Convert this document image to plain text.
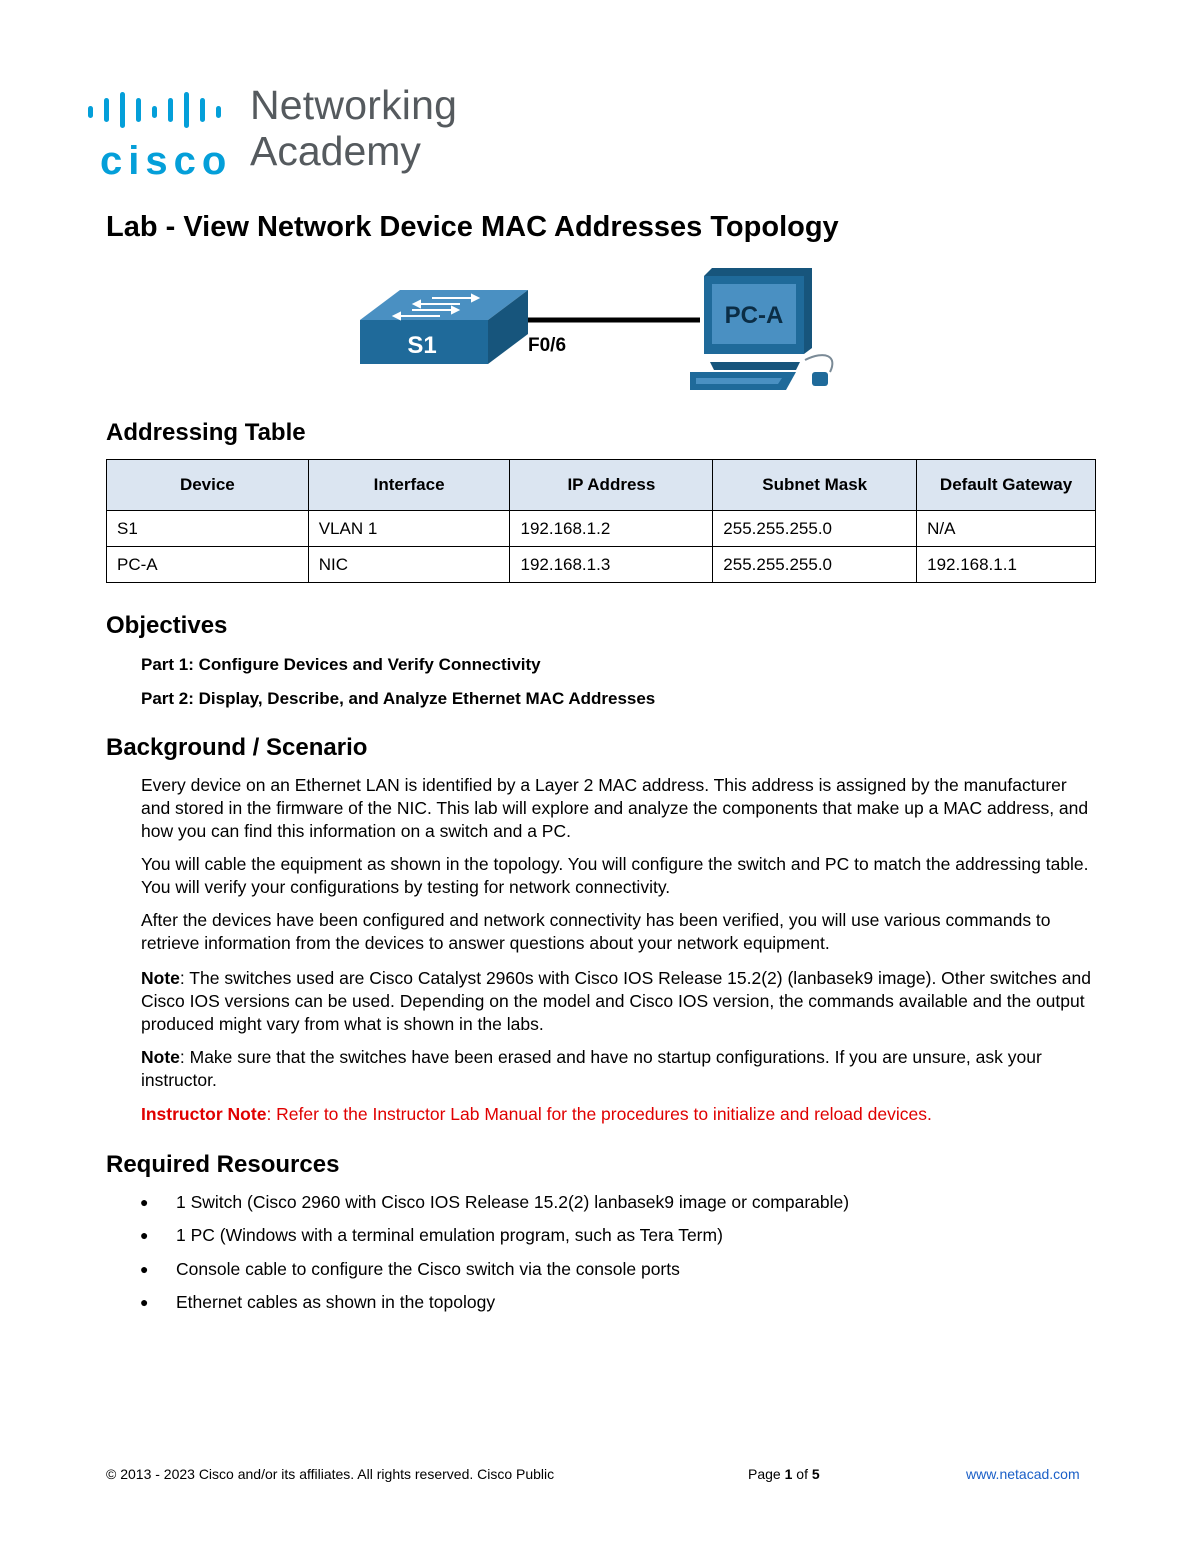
cisco
Networking
Academy
Lab - View Network Device MAC Addresses Topology
S1	F0/6
PC-A
Addressing Table
Device	Interface	IP Address	Subnet Mask	Default Gateway
S1	VLAN 1	192.168.1.2	255.255.255.0	N/A
PC-A	NIC	192.168.1.3	255.255.255.0	192.168.1.1
Objectives
Part 1: Configure Devices and Verify Connectivity
Part 2: Display, Describe, and Analyze Ethernet MAC Addresses
Background / Scenario
Every device on an Ethernet LAN is identified by a Layer 2 MAC address. This address is assigned by the manufacturer and stored in the firmware of the NIC. This lab will explore and analyze the components that make up a MAC address, and how you can find this information on a switch and a PC.
You will cable the equipment as shown in the topology. You will configure the switch and PC to match the addressing table. You will verify your configurations by testing for network connectivity.
After the devices have been configured and network connectivity has been verified, you will use various commands to retrieve information from the devices to answer questions about your network equipment.
Note: The switches used are Cisco Catalyst 2960s with Cisco IOS Release 15.2(2) (lanbasek9 image). Other switches and Cisco IOS versions can be used. Depending on the model and Cisco IOS version, the commands available and the output produced might vary from what is shown in the labs.
Note: Make sure that the switches have been erased and have no startup configurations. If you are unsure, ask your instructor.
Instructor Note: Refer to the Instructor Lab Manual for the procedures to initialize and reload devices.
Required Resources
● 1 Switch (Cisco 2960 with Cisco IOS Release 15.2(2) lanbasek9 image or comparable)
● 1 PC (Windows with a terminal emulation program, such as Tera Term)
● Console cable to configure the Cisco switch via the console ports
● Ethernet cables as shown in the topology
© 2013 - 2023 Cisco and/or its affiliates. All rights reserved. Cisco Public	Page 1 of 5	www.netacad.com
